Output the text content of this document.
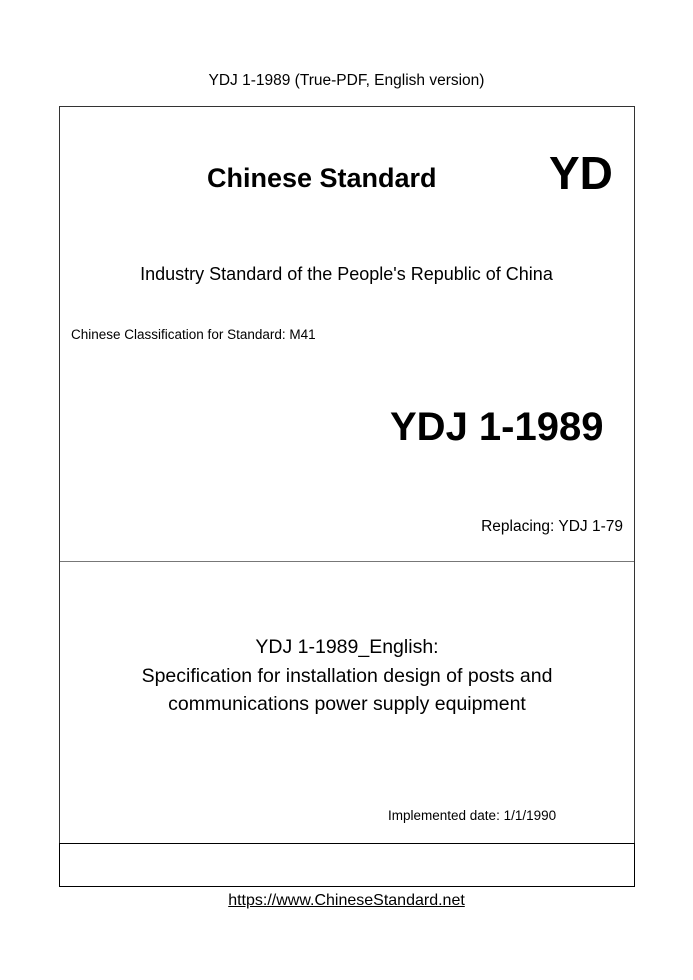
YDJ 1-1989 (True-PDF, English version)
Chinese Standard YD
Industry Standard of the People's Republic of China
Chinese Classification for Standard: M41
YDJ 1-1989
Replacing: YDJ 1-79
YDJ 1-1989_English:
Specification for installation design of posts and
communications power supply equipment
Implemented date: 1/1/1990
https://www.ChineseStandard.net
